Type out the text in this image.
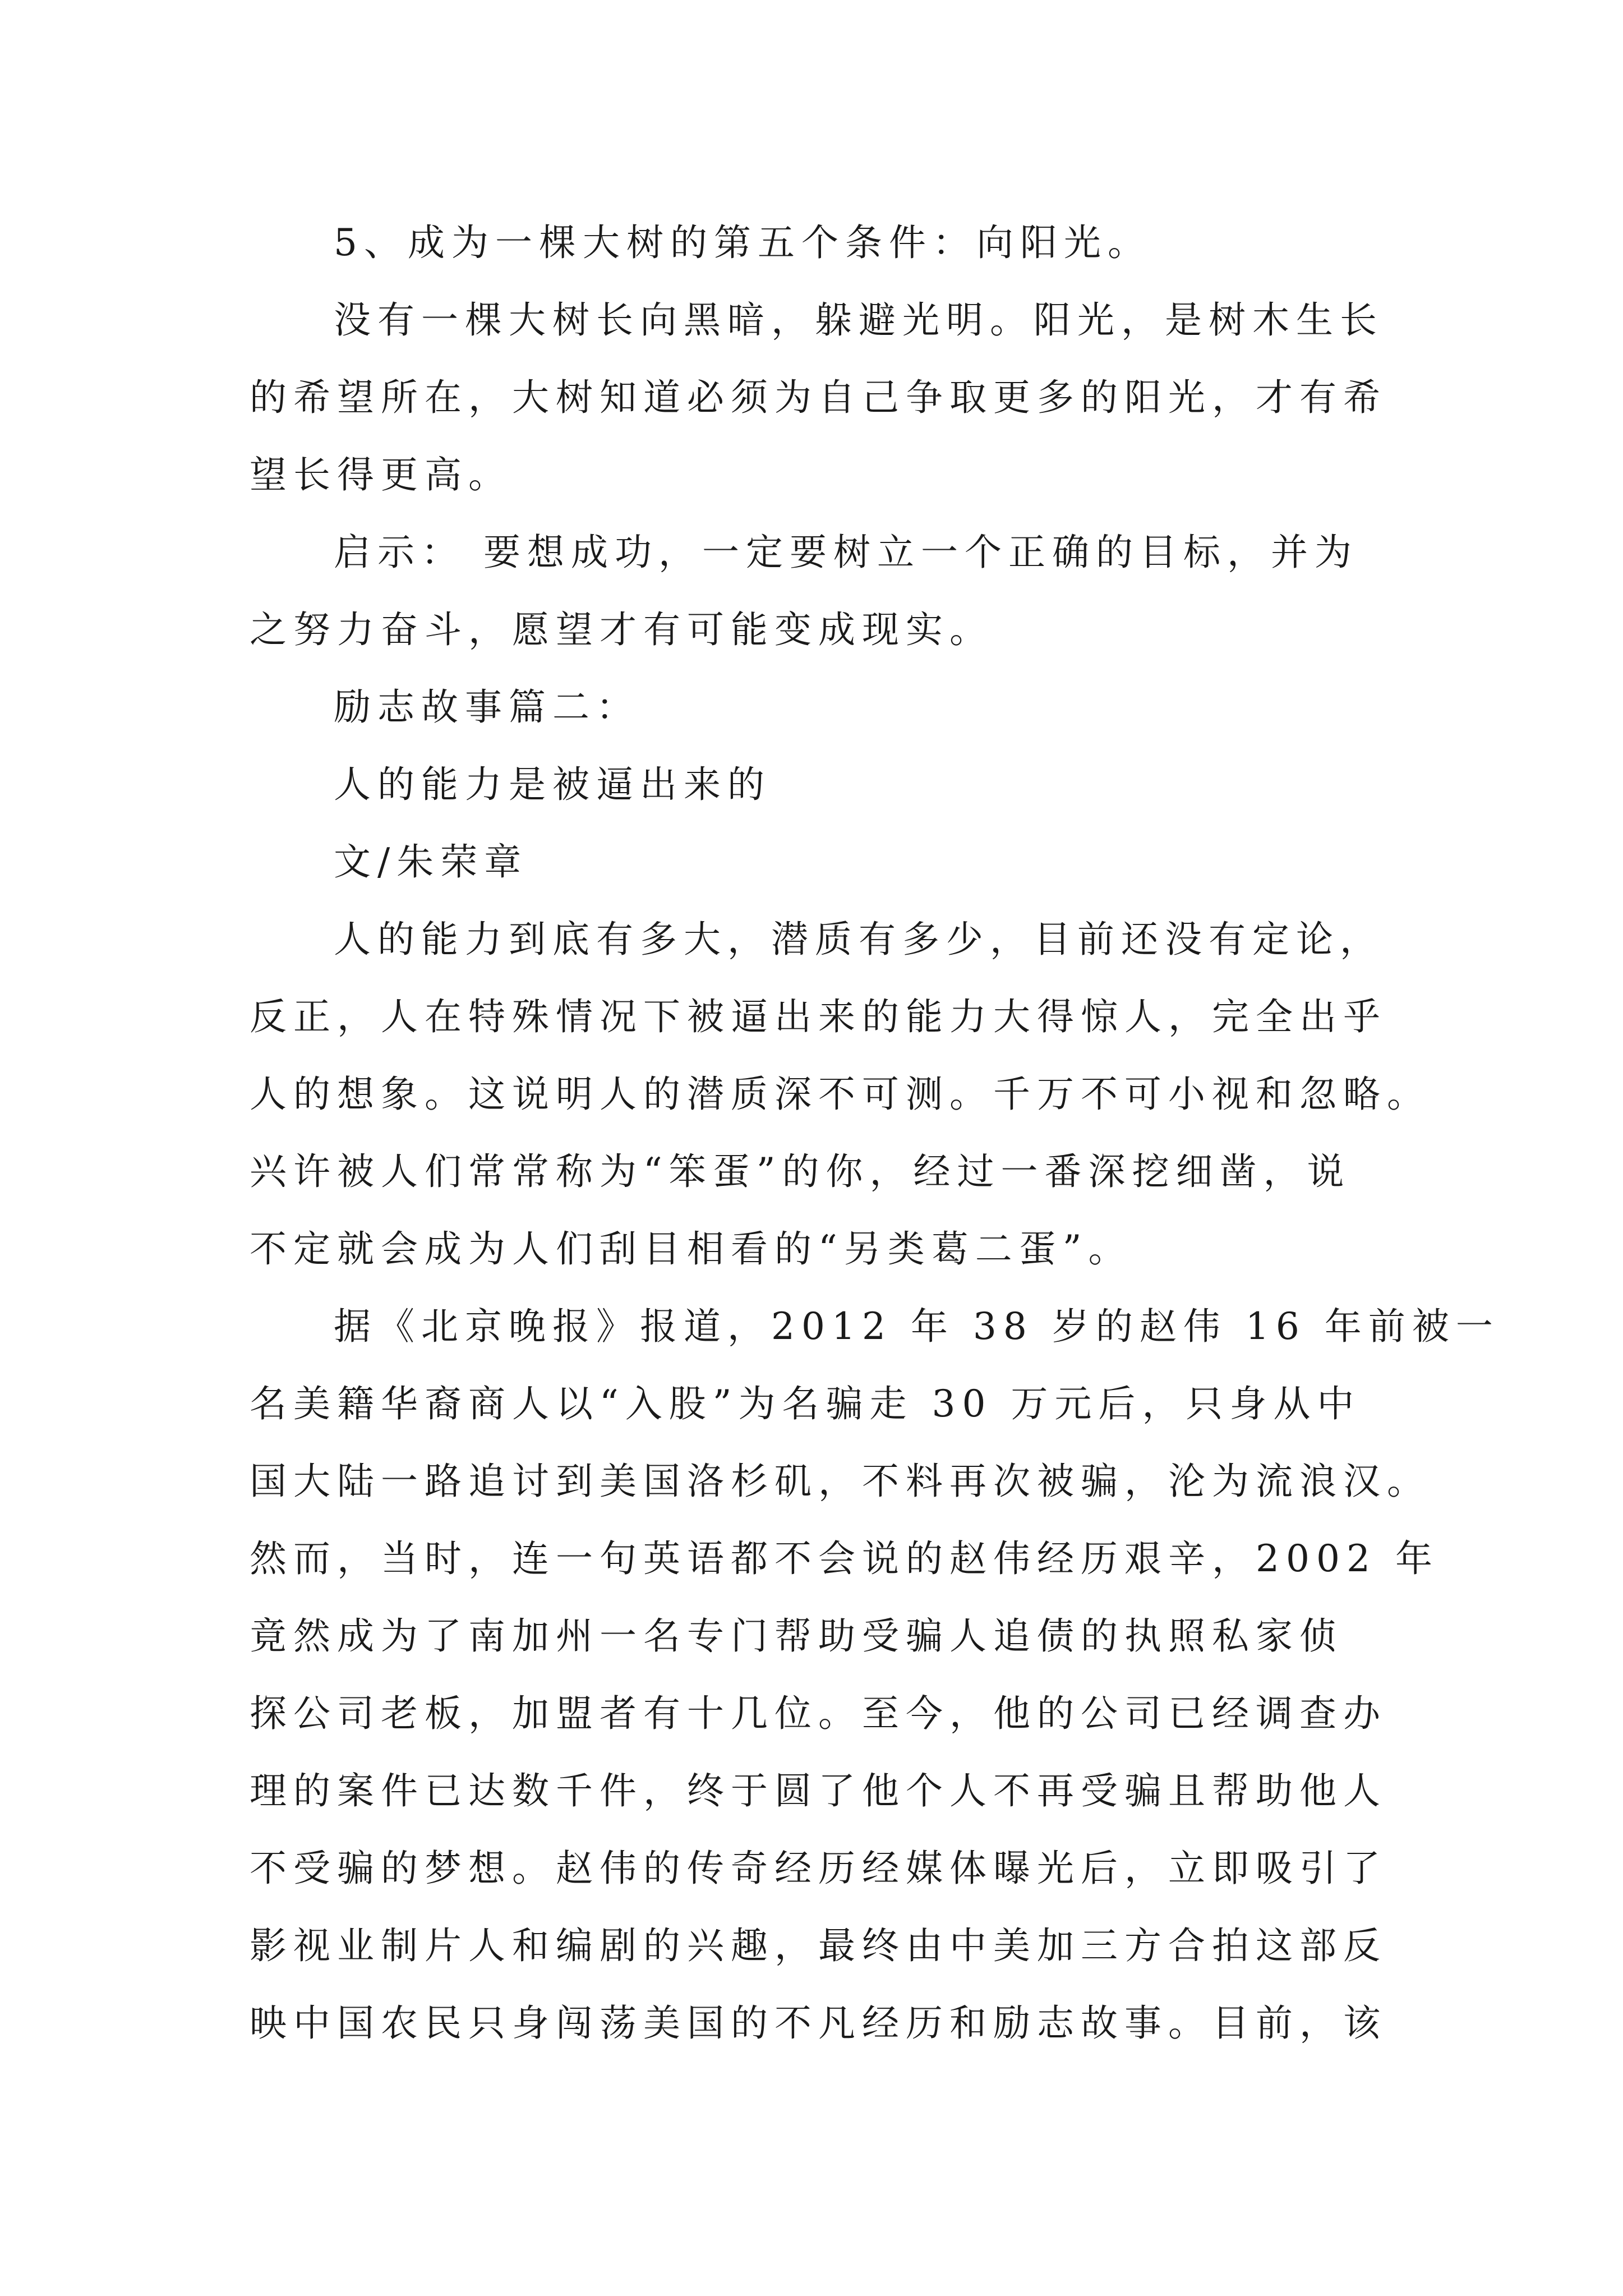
5、成为一棵大树的第五个条件：向阳光。
没有一棵大树长向黑暗，躲避光明。阳光，是树木生长
的希望所在，大树知道必须为自己争取更多的阳光，才有希
望长得更高。
启示： 要想成功，一定要树立一个正确的目标，并为
之努力奋斗，愿望才有可能变成现实。
励志故事篇二：
人的能力是被逼出来的
文/朱荣章
人的能力到底有多大，潜质有多少，目前还没有定论，
反正，人在特殊情况下被逼出来的能力大得惊人，完全出乎
人的想象。这说明人的潜质深不可测。千万不可小视和忽略。
兴许被人们常常称为“笨蛋”的你，经过一番深挖细凿，说
不定就会成为人们刮目相看的“另类葛二蛋”。
据《北京晚报》报道，2012 年 38 岁的赵伟 16 年前被一
名美籍华裔商人以“入股”为名骗走 30 万元后，只身从中
国大陆一路追讨到美国洛杉矶，不料再次被骗，沦为流浪汉。
然而，当时，连一句英语都不会说的赵伟经历艰辛，2002 年
竟然成为了南加州一名专门帮助受骗人追债的执照私家侦
探公司老板，加盟者有十几位。至今，他的公司已经调查办
理的案件已达数千件，终于圆了他个人不再受骗且帮助他人
不受骗的梦想。赵伟的传奇经历经媒体曝光后，立即吸引了
影视业制片人和编剧的兴趣，最终由中美加三方合拍这部反
映中国农民只身闯荡美国的不凡经历和励志故事。目前，该
